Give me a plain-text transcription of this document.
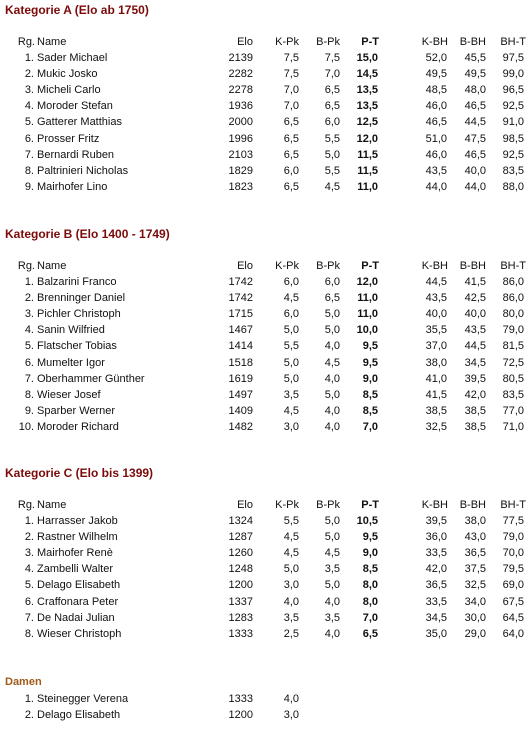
Kategorie A (Elo ab 1750)
Rg. Name	Elo K-Pk B-Pk P-T	K-BH B-BH BH-T
1. Sader Michael	2139	7,5 7,5 15,0	52,0 45,5 97,5
2. Mukic Josko	2282	7,5 7,0 14,5	49,5 49,5 99,0
3. Micheli Carlo	2278	7,0 6,5 13,5	48,5 48,0 96,5
4. Moroder Stefan	1936	7,0 6,5 13,5	46,0 46,5 92,5
5. Gatterer Matthias	2000	6,5 6,0 12,5	46,5 44,5 91,0
6. Prosser Fritz	1996	6,5 5,5 12,0	51,0 47,5 98,5
7. Bernardi Ruben	2103	6,5 5,0 11,5	46,0 46,5 92,5
8. Paltrinieri Nicholas	1829	6,0 5,5 11,5	43,5 40,0 83,5
9. Mairhofer Lino	1823	6,5 4,5 11,0	44,0 44,0 88,0
Kategorie B (Elo 1400 - 1749)
Rg. Name	Elo K-Pk B-Pk P-T	K-BH B-BH BH-T
1. Balzarini Franco	1742	6,0 6,0 12,0	44,5 41,5 86,0
2. Brenninger Daniel	1742	4,5 6,5 11,0	43,5 42,5 86,0
3. Pichler Christoph	1715	6,0 5,0 11,0	40,0 40,0 80,0
4. Sanin Wilfried	1467	5,0 5,0 10,0	35,5 43,5 79,0
5. Flatscher Tobias	1414	5,5 4,0 9,5	37,0 44,5 81,5
6. Mumelter Igor	1518	5,0 4,5 9,5	38,0 34,5 72,5
7. Oberhammer Günther	1619	5,0 4,0 9,0	41,0 39,5 80,5
8. Wieser Josef	1497	3,5 5,0 8,5	41,5 42,0 83,5
9. Sparber Werner	1409	4,5 4,0 8,5	38,5 38,5 77,0
10. Moroder Richard	1482	3,0 4,0 7,0	32,5 38,5 71,0
Kategorie C (Elo bis 1399)
Rg. Name	Elo K-Pk B-Pk P-T	K-BH B-BH BH-T
1. Harrasser Jakob	1324	5,5 5,0 10,5	39,5 38,0 77,5
2. Rastner Wilhelm	1287	4,5 5,0 9,5	36,0 43,0 79,0
3. Mairhofer Renè	1260	4,5 4,5 9,0	33,5 36,5 70,0
4. Zambelli Walter	1248	5,0 3,5 8,5	42,0 37,5 79,5
5. Delago Elisabeth	1200	3,0 5,0 8,0	36,5 32,5 69,0
6. Craffonara Peter	1337	4,0 4,0 8,0	33,5 34,0 67,5
7. De Nadai Julian	1283	3,5 3,5 7,0	34,5 30,0 64,5
8. Wieser Christoph	1333	2,5 4,0 6,5	35,0 29,0 64,0
Damen
1. Steinegger Verena	1333	4,0
2. Delago Elisabeth	1200	3,0
